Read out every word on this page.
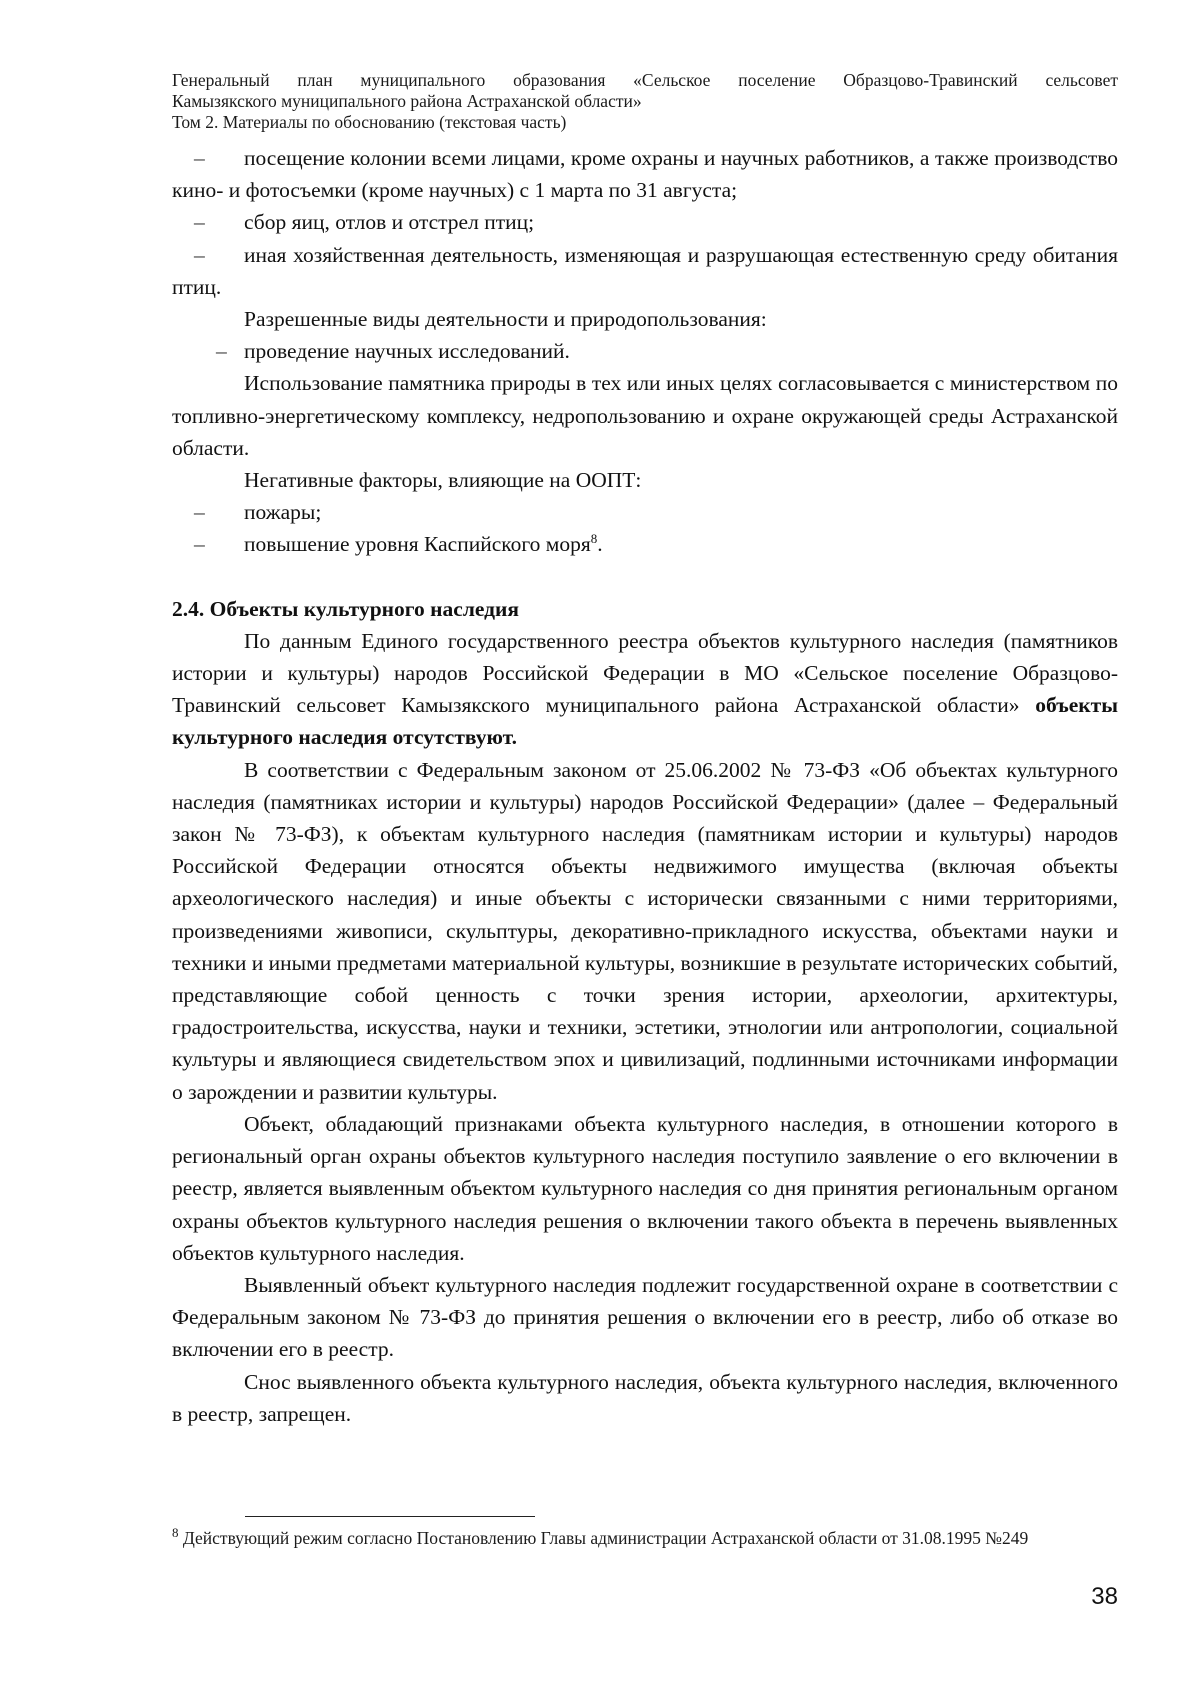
Генеральный план муниципального образования «Сельское поселение Образцово-Травинский сельсовет
Камызякского муниципального района Астраханской области»
Том 2. Материалы по обоснованию (текстовая часть)

– посещение колонии всеми лицами, кроме охраны и научных работников, а также производство кино- и фотосъемки (кроме научных) с 1 марта по 31 августа;

–	сбор яиц, отлов и отстрел птиц;

– иная хозяйственная деятельность, изменяющая и разрушающая естественную среду обитания птиц.

Разрешенные виды деятельности и природопользования:

– проведение научных исследований.

Использование памятника природы в тех или иных целях согласовывается с министерством по топливно-энергетическому комплексу, недропользованию и охране окружающей среды Астраханской области.

Негативные факторы, влияющие на ООПТ:

–	пожары;

–	повышение уровня Каспийского моря$^8$.

2.4. Объекты культурного наследия

По данным Единого государственного реестра объектов культурного наследия (памятников истории и культуры) народов Российской Федерации в МО «Сельское поселение Образцово-Травинский сельсовет Камызякского муниципального района Астраханской области» объекты культурного наследия отсутствуют.

В соответствии с Федеральным законом от 25.06.2002 № 73-ФЗ «Об объектах культурного наследия (памятниках истории и культуры) народов Российской Федерации» (далее – Федеральный закон № 73-ФЗ), к объектам культурного наследия (памятникам истории и культуры) народов Российской Федерации относятся объекты недвижимого имущества (включая объекты археологического наследия) и иные объекты с исторически связанными с ними территориями, произведениями живописи, скульптуры, декоративно-прикладного искусства, объектами науки и техники и иными предметами материальной культуры, возникшие в результате исторических событий, представляющие собой ценность с точки зрения истории, археологии, архитектуры, градостроительства, искусства, науки и техники, эстетики, этнологии или антропологии, социальной культуры и являющиеся свидетельством эпох и цивилизаций, подлинными источниками информации о зарождении и развитии культуры.

Объект, обладающий признаками объекта культурного наследия, в отношении которого в региональный орган охраны объектов культурного наследия поступило заявление о его включении в реестр, является выявленным объектом культурного наследия со дня принятия региональным органом охраны объектов культурного наследия решения о включении такого объекта в перечень выявленных объектов культурного наследия.

Выявленный объект культурного наследия подлежит государственной охране в соответствии с Федеральным законом № 73-ФЗ до принятия решения о включении его в реестр, либо об отказе во включении его в реестр.

Снос выявленного объекта культурного наследия, объекта культурного наследия, включенного в реестр, запрещен.

$^8$ Действующий режим согласно Постановлению Главы администрации Астраханской области от 31.08.1995 №249
38
